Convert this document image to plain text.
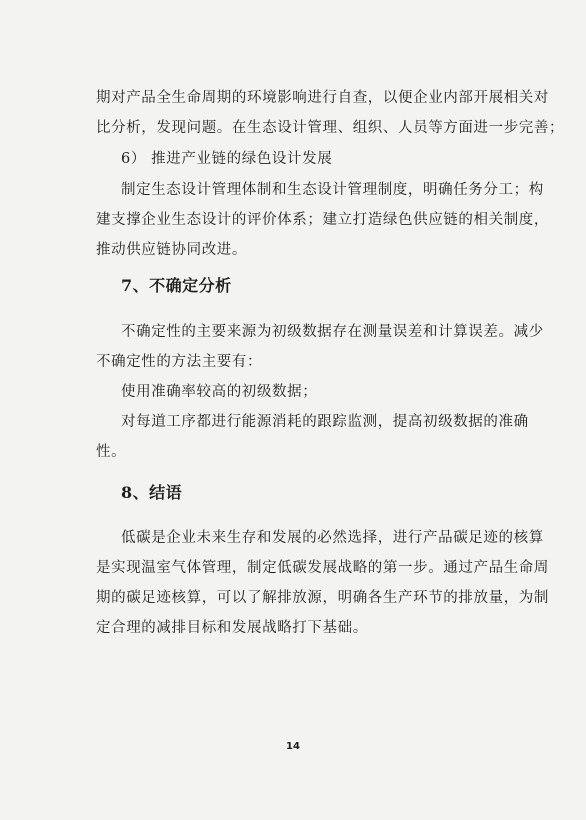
期对产品全生命周期的环境影响进行自查，以便企业内部开展相关对
比分析，发现问题。在生态设计管理、组织、人员等方面进一步完善；
6） 推进产业链的绿色设计发展
制定生态设计管理体制和生态设计管理制度，明确任务分工；构
建支撑企业生态设计的评价体系；建立打造绿色供应链的相关制度，
推动供应链协同改进。
7、不确定分析
不确定性的主要来源为初级数据存在测量误差和计算误差。减少
不确定性的方法主要有：
使用准确率较高的初级数据；
对每道工序都进行能源消耗的跟踪监测，提高初级数据的准确
性。
8、结语
低碳是企业未来生存和发展的必然选择，进行产品碳足迹的核算
是实现温室气体管理，制定低碳发展战略的第一步。通过产品生命周
期的碳足迹核算，可以了解排放源，明确各生产环节的排放量，为制
定合理的减排目标和发展战略打下基础。
14
